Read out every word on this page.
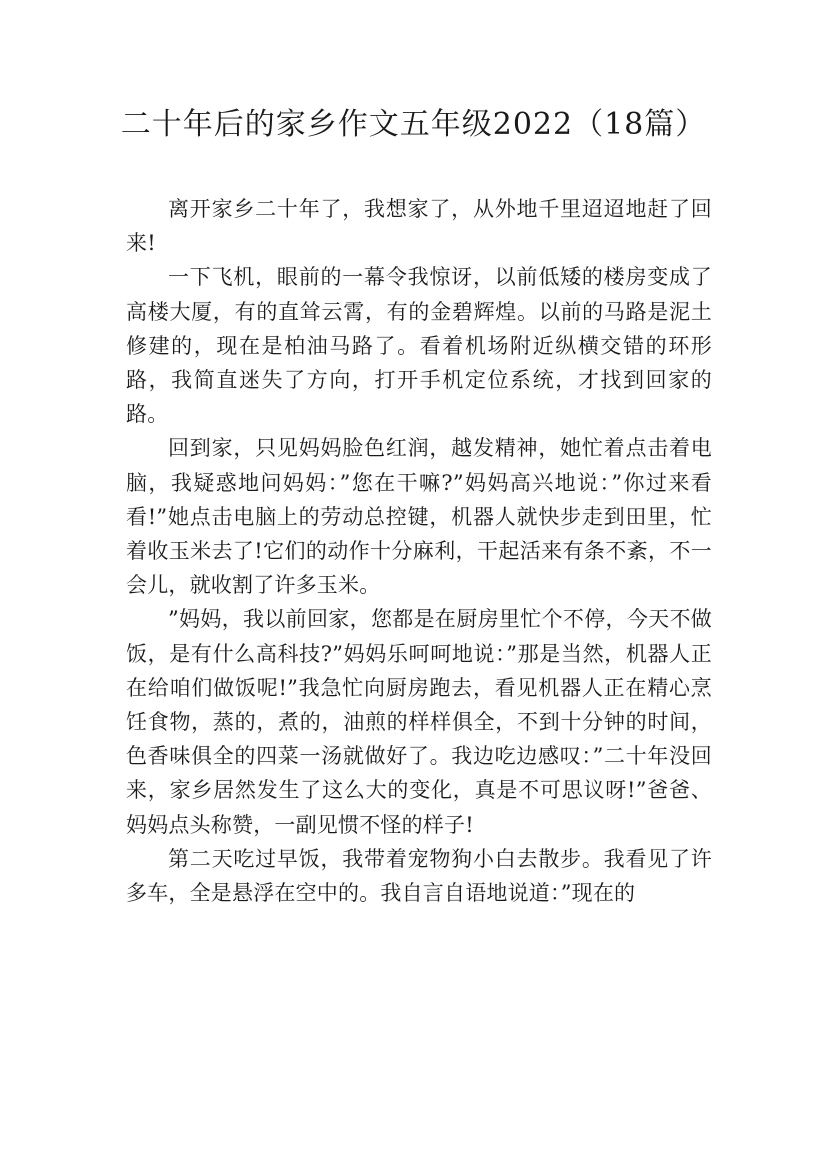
二十年后的家乡作文五年级2022（18篇）

离开家乡二十年了，我想家了，从外地千里迢迢地赶了回来!

一下飞机，眼前的一幕令我惊讶，以前低矮的楼房变成了高楼大厦，有的直耸云霄，有的金碧辉煌。以前的马路是泥土修建的，现在是柏油马路了。看着机场附近纵横交错的环形路，我简直迷失了方向，打开手机定位系统，才找到回家的路。

回到家，只见妈妈脸色红润，越发精神，她忙着点击着电脑，我疑惑地问妈妈：”您在干嘛?”妈妈高兴地说：”你过来看看!”她点击电脑上的劳动总控键，机器人就快步走到田里，忙着收玉米去了!它们的动作十分麻利，干起活来有条不紊，不一会儿，就收割了许多玉米。

”妈妈，我以前回家，您都是在厨房里忙个不停，今天不做饭，是有什么高科技?”妈妈乐呵呵地说：”那是当然，机器人正在给咱们做饭呢!”我急忙向厨房跑去，看见机器人正在精心烹饪食物，蒸的，煮的，油煎的样样俱全，不到十分钟的时间，色香味俱全的四菜一汤就做好了。我边吃边感叹：”二十年没回来，家乡居然发生了这么大的变化，真是不可思议呀!”爸爸、妈妈点头称赞，一副见惯不怪的样子!

第二天吃过早饭，我带着宠物狗小白去散步。我看见了许多车，全是悬浮在空中的。我自言自语地说道：”现在的
